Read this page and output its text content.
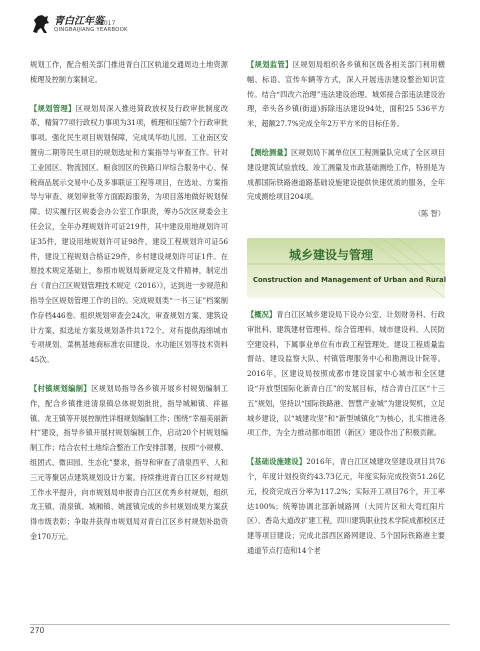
青白江年鉴
2017
QINGBAIJIANG YEARBOOK

规划工作，配合相关部门推进青白江区轨道交通周边土地资源梳理及控制方案制定。

【规划管理】区规划局深入推进简政放权及行政审批制度改革，精简77项行政权力事项为31项，梳理和压缩7个行政审批事项。强化民生项目规划保障，完成凤华幼儿园、工业南区安置房二期等民生项目的规划选址和方案指导与审查工作。针对工业园区、物流园区、粮食园区的铁路口岸综合服务中心、保税商品展示交易中心及多事联证工程等项目，在选址、方案指导与审查、规划审批等方面跟踪服务，为项目落地做好规划保障。切实履行区规委会办公室工作职责，筹办5次区规委会主任会议，全年办理规划许可证219件，其中建设用地规划许可证35件，建设用地规划许可证98件，建设工程规划许可证56件，建设工程规划合格证29件，乡村建设规划许可证1件。在原技术规定基础上，参照市规划局新规定及文件精神，制定出台《青白江区规划管理技术规定（2016）》，达到进一步规范和指导全区规划管理工作的目的。完成规划类“一书三证”档案制作存档446卷。组织规划审查会24次，审查规划方案、建筑设计方案、拟选址方案及规划条件共172个。对有提供海绵城市专项规划、菜桃基地商标准农田建设、水功能区划等技术资料45次。

【村镇规划编制】区规划局指导各乡镇开展乡村规划编制工作，配合乡镇推进清泉镇总体规划批批，指导城厢镇、祥福镇、龙王镇等开展控制性详细规划编制工作；围绕“幸福美丽新村”建设，指导乡镇开展村规划编制工作，启动20个村规划编制工作；结合农村土地综合整治工作安排部署，按照“小规模、组团式、微田园、生态化”要求，指导和审查了清泉西平、人和三元等聚居点建筑规划设计方案。持续推进青白江区乡村规划工作水平提升，向市规划局申报青白江区优秀乡村规划，组织龙王镇、清泉镇、城厢镇、姚渡镇完成的乡村规划成果方案获得市级表彰；争取并获得市规划局对青白江区乡村规划补助资金170万元。

【规划监管】区规划局组织各乡镇和区级各相关部门利用横幅、标语、宣传车辆等方式，深入开展违法建设整治知识宣传。结合“四改六治理”违法建设治理、城郊接合部违法建设治理，牵头各乡镇(街道)拆除违法建设94处，面积25 536平方米，超额27.7%完成全年2万平方米的目标任务。

【测绘测量】区规划局下属单位区工程测量队完成了全区项目建设建筑试验放线、竣工测量及市政基础测绘工作，特别是为成都国际铁路港道路基础设施建设提供快速优质的服务，全年完成测绘项目204项。

（陈 智）
城乡建设与管理
Construction and Management of Urban and Rural

【概况】青白江区城乡建设局下设办公室、计划财务科、行政审批科、建筑建材管理科、综合管理科、城市建设科、人民防空建设科，下属事业单位有市政工程管理处、建设工程质量监督站、建设监察大队、村镇管理服务中心和勘测设计院等。2016年，区建设局按照成都市建设国家中心城市和全区建设“开放型国际化新青白江”的发展目标，结合青白江区“十三五”规划，坚持以“国际铁路港、智慧产业城”为建设契机，立足城乡建设，以“城建攻坚”和“新型城镇化”为核心，扎实推进各项工作，为全力推动都市组团（新区）建设作出了积极贡献。

【基础设施建设】2016年，青白江区城建攻坚建设项目共76个，年度计划投资约43.73亿元，年度实际完成投资51.26亿元，投资完成百分率为117.2%；实际开工项目76个，开工率达100%；统筹协调北部新城路网（大同片区和大弯红阳片区）、香岛大道改扩建工程，四川建筑职业技术学院成都校区迁建等项目建设；完成北部西区路网建设、5个国际铁路港主要通道节点打造和14个老

270
